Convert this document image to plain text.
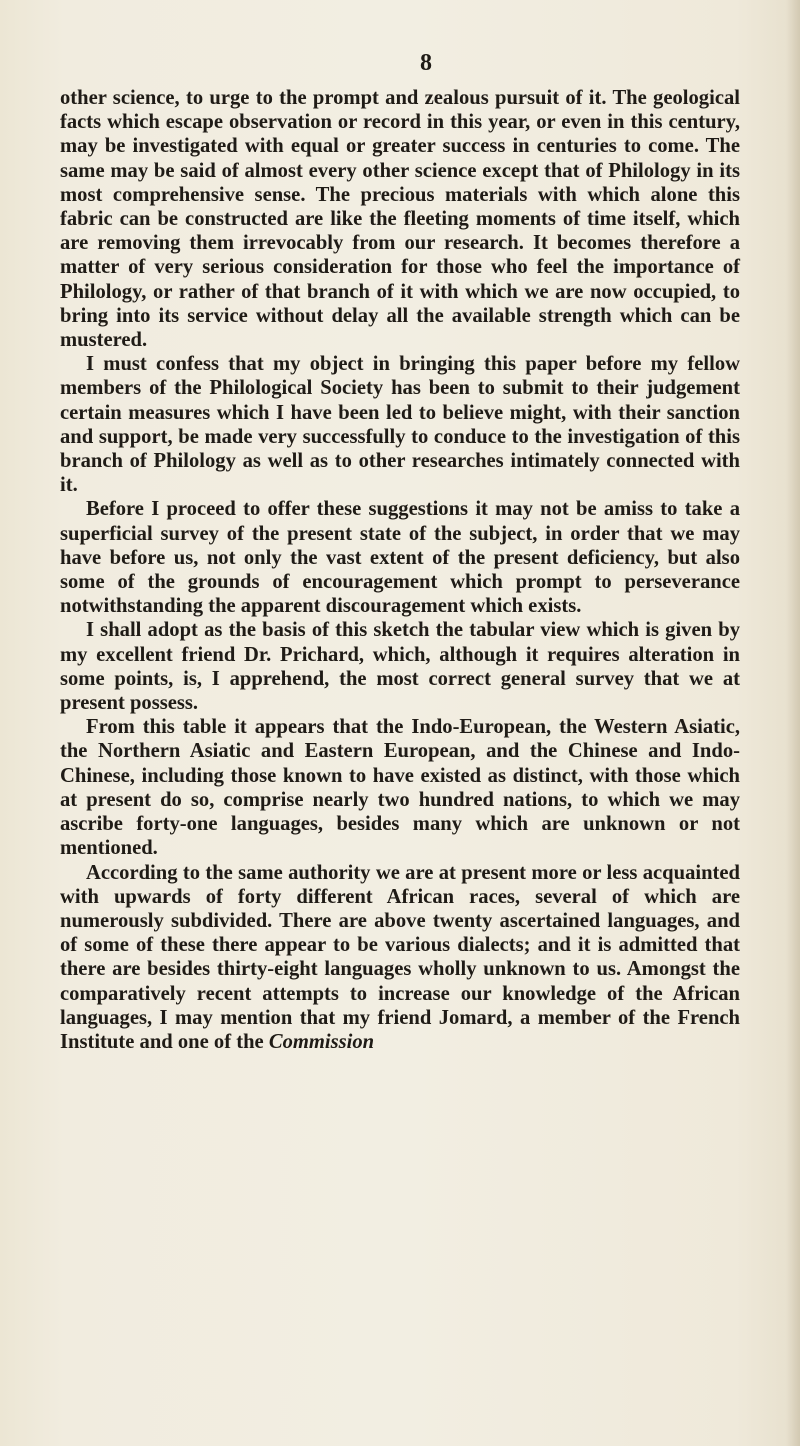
8

other science, to urge to the prompt and zealous pursuit of it. The geological facts which escape observation or record in this year, or even in this century, may be investigated with equal or greater success in centuries to come. The same may be said of almost every other science except that of Philology in its most comprehensive sense. The precious materials with which alone this fabric can be constructed are like the fleeting moments of time itself, which are removing them irrevocably from our research. It becomes therefore a matter of very serious consideration for those who feel the importance of Philology, or rather of that branch of it with which we are now occupied, to bring into its service without delay all the available strength which can be mustered.

I must confess that my object in bringing this paper before my fellow members of the Philological Society has been to submit to their judgement certain measures which I have been led to believe might, with their sanction and support, be made very successfully to conduce to the investigation of this branch of Philology as well as to other researches intimately connected with it.

Before I proceed to offer these suggestions it may not be amiss to take a superficial survey of the present state of the subject, in order that we may have before us, not only the vast extent of the present deficiency, but also some of the grounds of encouragement which prompt to perseverance notwithstanding the apparent discouragement which exists.

I shall adopt as the basis of this sketch the tabular view which is given by my excellent friend Dr. Prichard, which, although it requires alteration in some points, is, I apprehend, the most correct general survey that we at present possess.

From this table it appears that the Indo-European, the Western Asiatic, the Northern Asiatic and Eastern European, and the Chinese and Indo-Chinese, including those known to have existed as distinct, with those which at present do so, comprise nearly two hundred nations, to which we may ascribe forty-one languages, besides many which are unknown or not mentioned.

According to the same authority we are at present more or less acquainted with upwards of forty different African races, several of which are numerously subdivided. There are above twenty ascertained languages, and of some of these there appear to be various dialects; and it is admitted that there are besides thirty-eight languages wholly unknown to us. Amongst the comparatively recent attempts to increase our knowledge of the African languages, I may mention that my friend Jomard, a member of the French Institute and one of the Commission
